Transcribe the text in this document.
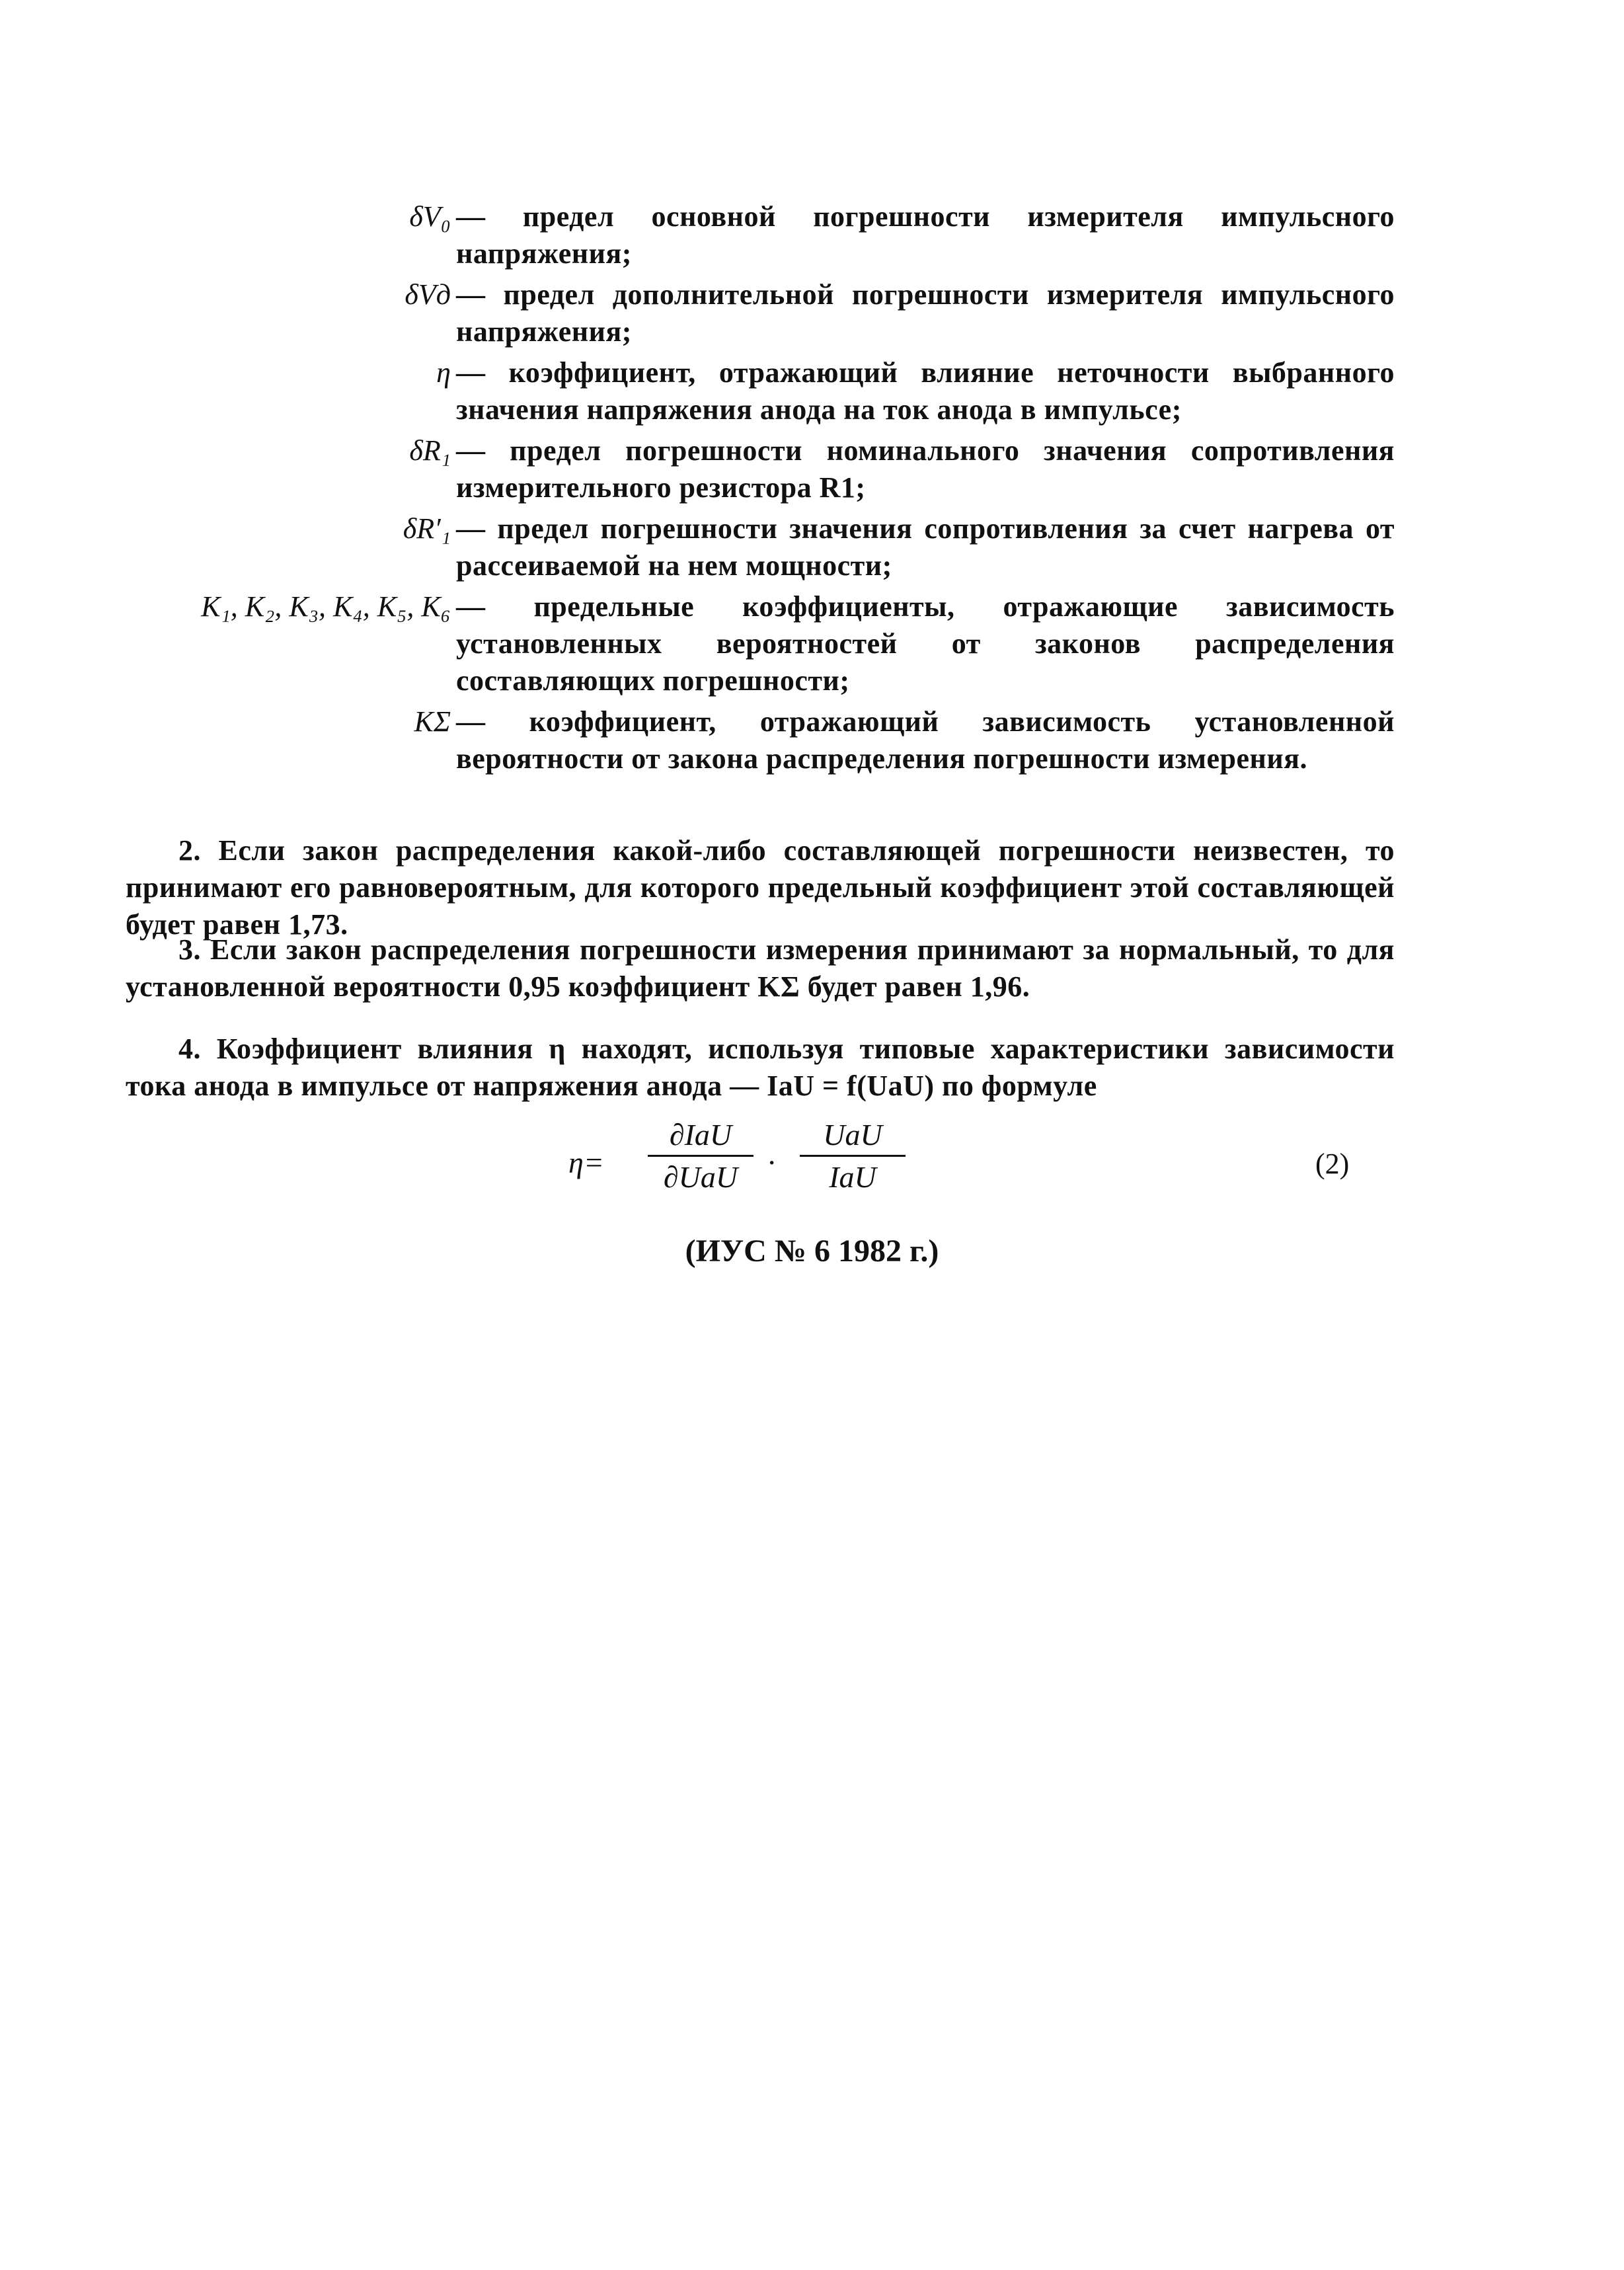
δV₀ — предел основной погрешности измерителя импульсного напряжения;
δVд — предел дополнительной погрешности измерителя импульсного напряжения;
η — коэффициент, отражающий влияние неточности выбранного значения напряжения анода на ток анода в импульсе;
δR₁ — предел погрешности номинального значения сопротивления измерительного резистора R1;
δR′₁ — предел погрешности значения сопротивления за счет нагрева от рассеиваемой на нем мощности;
K₁, K₂, K₃, K₄, K₅, K₆ — предельные коэффициенты, отражающие зависимость установленных вероятностей от законов распределения составляющих погрешности;
KΣ — коэффициент, отражающий зависимость установленной вероятности от закона распределения погрешности измерения.

2. Если закон распределения какой-либо составляющей погрешности неизвестен, то принимают его равновероятным, для которого предельный коэффициент этой составляющей будет равен 1,73.

3. Если закон распределения погрешности измерения принимают за нормальный, то для установленной вероятности 0,95 коэффициент KΣ будет равен 1,96.

4. Коэффициент влияния η находят, используя типовые характеристики зависимости тока анода в импульсе от напряжения анода — IaU = f(UaU) по формуле

η=
∂IaU
∂UaU ·
UaU
IaU	(2)
(ИУС № 6 1982 г.)
